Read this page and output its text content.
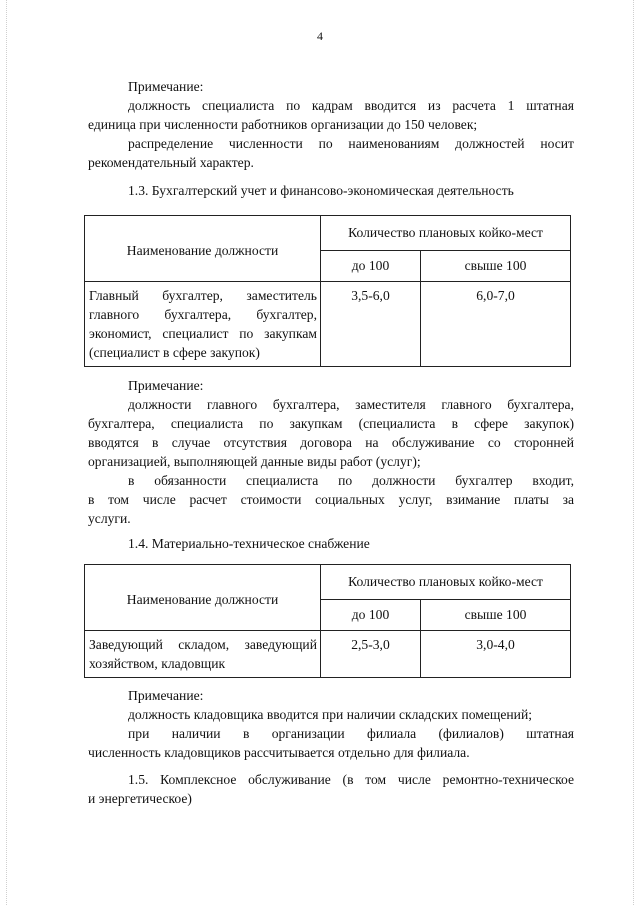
4
Примечание:
должность специалиста по кадрам вводится из расчета 1 штатная
единица при численности работников организации до 150 человек;
распределение численности по наименованиям должностей носит
рекомендательный характер.
1.3. Бухгалтерский учет и финансово-экономическая деятельность
Наименование должности	Количество плановых койко-мест	
	до 100	свыше 100

Главный бухгалтер, заместитель
главного бухгалтера, бухгалтер,
экономист, специалист по закупкам
(специалист в сфере закупок)	3,5-6,0	6,0-7,0
Примечание:
должности главного бухгалтера, заместителя главного бухгалтера,
бухгалтера, специалиста по закупкам (специалиста в сфере закупок)
вводятся в случае отсутствия договора на обслуживание со сторонней
организацией, выполняющей данные виды работ (услуг);
в обязанности специалиста по должности бухгалтер входит,
в том числе расчет стоимости социальных услуг, взимание платы за
услуги.
1.4. Материально-техническое снабжение
Наименование должности	Количество плановых койко-мест	
	до 100	свыше 100

Заведующий складом, заведующий
хозяйством, кладовщик	2,5-3,0	3,0-4,0
Примечание:
должность кладовщика вводится при наличии складских помещений;
при наличии в организации филиала (филиалов) штатная
численность кладовщиков рассчитывается отдельно для филиала.
1.5. Комплексное обслуживание (в том числе ремонтно-техническое
и энергетическое)
